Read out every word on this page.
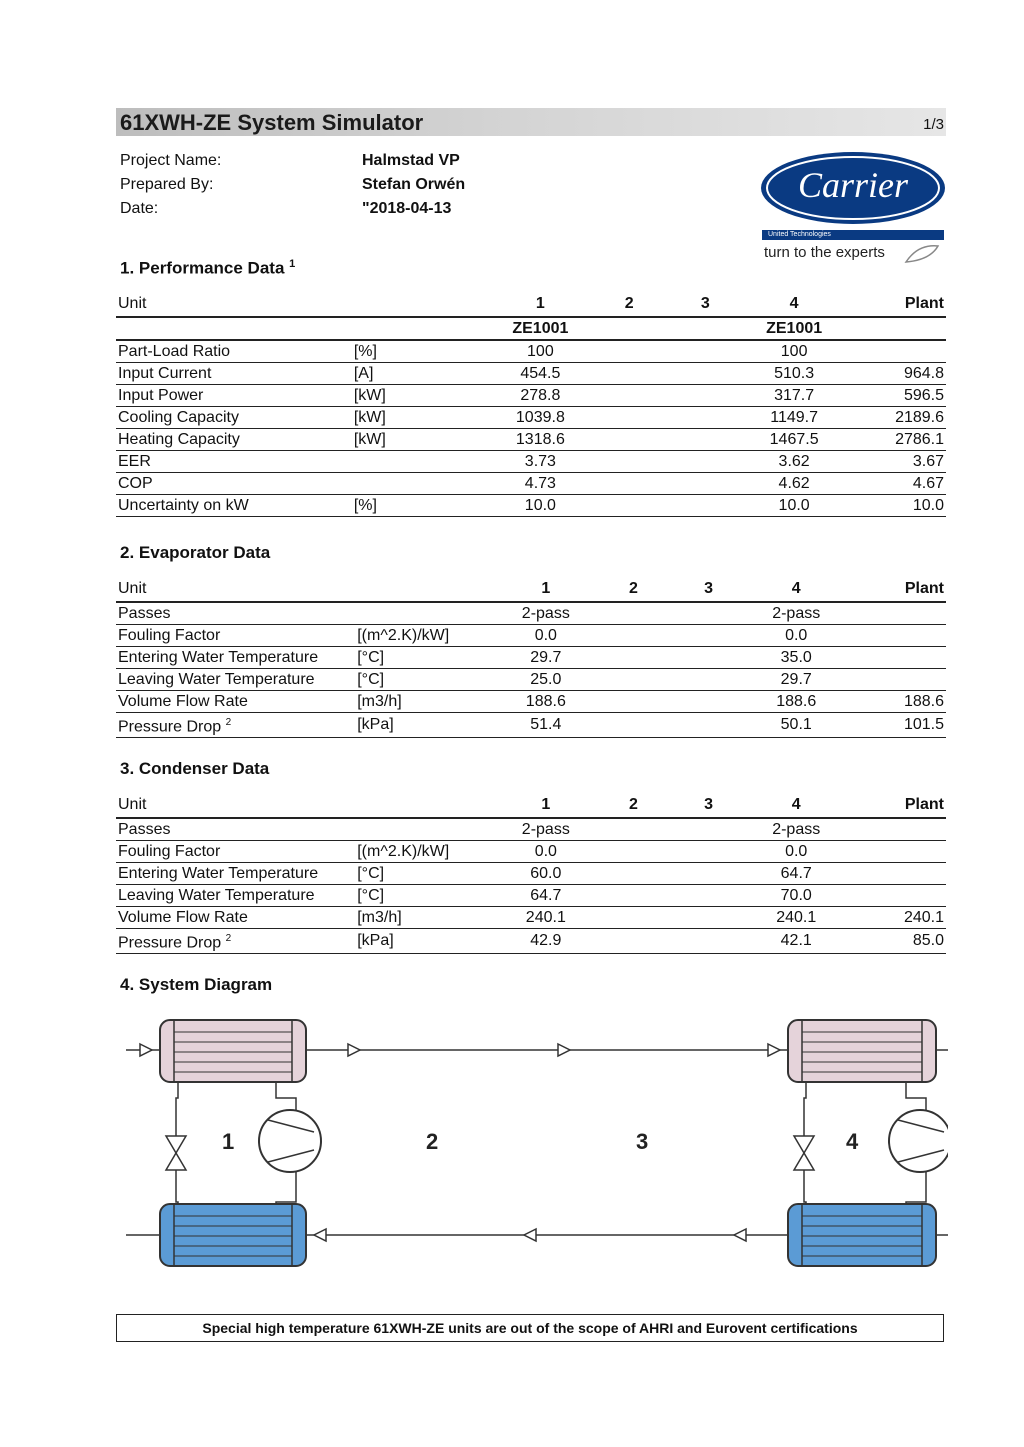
61XWH-ZE System Simulator	1/3
Project Name:	Halmstad VP
Prepared By:	Stefan Orwén
Date:	"2018-04-13
Carrier
United Technologies
turn to the experts
1. Performance Data $^1$
Unit		1	2	3	4	Plant
		ZE1001			ZE1001	
Part-Load Ratio	[%]	100			100	
Input Current	[A]	454.5			510.3	964.8
Input Power	[kW]	278.8			317.7	596.5
Cooling Capacity	[kW]	1039.8			1149.7	2189.6
Heating Capacity	[kW]	1318.6			1467.5	2786.1
EER		3.73			3.62	3.67
COP		4.73			4.62	4.67
Uncertainty on kW	[%]	10.0			10.0	10.0
2. Evaporator Data
Unit		1	2	3	4	Plant
Passes		2-pass			2-pass	
Fouling Factor	[(m^2.K)/kW]	0.0			0.0	
Entering Water Temperature	[°C]	29.7			35.0	
Leaving Water Temperature	[°C]	25.0			29.7	
Volume Flow Rate	[m3/h]	188.6			188.6	188.6
Pressure Drop $^2$	[kPa]	51.4			50.1	101.5
3. Condenser Data
Unit		1	2	3	4	Plant
Passes		2-pass			2-pass	
Fouling Factor	[(m^2.K)/kW]	0.0			0.0	
Entering Water Temperature	[°C]	60.0			64.7	
Leaving Water Temperature	[°C]	64.7			70.0	
Volume Flow Rate	[m3/h]	240.1			240.1	240.1
Pressure Drop $^2$	[kPa]	42.9			42.1	85.0
4. System Diagram
1	2	3	4
Special high temperature 61XWH-ZE units are out of the scope of AHRI and Eurovent certifications
